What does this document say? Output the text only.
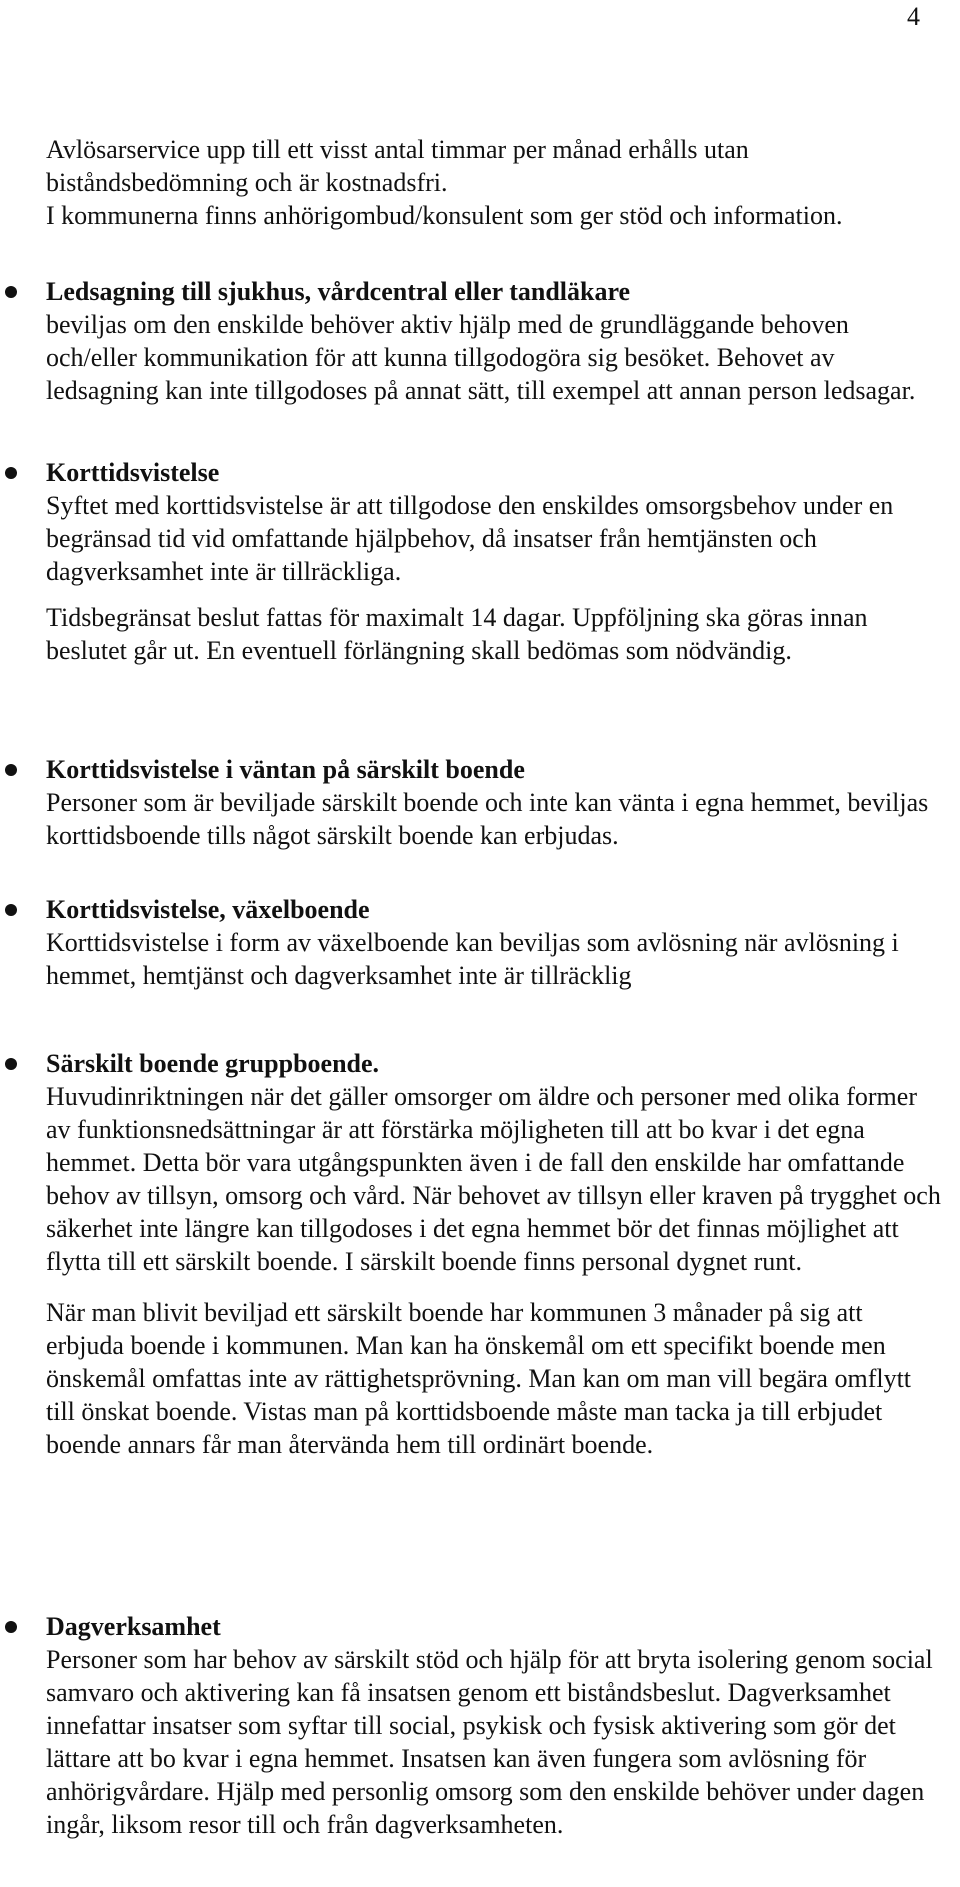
4

Avlösarservice upp till ett visst antal timmar per månad erhålls utan

biståndsbedömning och är kostnadsfri.

I kommunerna finns anhörigombud/konsulent som ger stöd och information.

Ledsagning till sjukhus, vårdcentral eller tandläkare

beviljas om den enskilde behöver aktiv hjälp med de grundläggande behoven och/eller kommunikation för att kunna tillgodogöra sig besöket. Behovet av ledsagning kan inte tillgodoses på annat sätt, till exempel att annan person ledsagar.

Korttidsvistelse

Syftet med korttidsvistelse är att tillgodose den enskildes omsorgsbehov under en begränsad tid vid omfattande hjälpbehov, då insatser från hemtjänsten och dagverksamhet inte är tillräckliga.

Tidsbegränsat beslut fattas för maximalt 14 dagar. Uppföljning ska göras innan beslutet går ut. En eventuell förlängning skall bedömas som nödvändig.

Korttidsvistelse i väntan på särskilt boende

Personer som är beviljade särskilt boende och inte kan vänta i egna hemmet, beviljas korttidsboende tills något särskilt boende kan erbjudas.

Korttidsvistelse, växelboende

Korttidsvistelse i form av växelboende kan beviljas som avlösning när avlösning i hemmet, hemtjänst och dagverksamhet inte är tillräcklig

Särskilt boende gruppboende.

Huvudinriktningen när det gäller omsorger om äldre och personer med olika former av funktionsnedsättningar är att förstärka möjligheten till att bo kvar i det egna hemmet. Detta bör vara utgångspunkten även i de fall den enskilde har omfattande behov av tillsyn, omsorg och vård. När behovet av tillsyn eller kraven på trygghet och säkerhet inte längre kan tillgodoses i det egna hemmet bör det finnas möjlighet att flytta till ett särskilt boende. I särskilt boende finns personal dygnet runt.

När man blivit beviljad ett särskilt boende har kommunen 3 månader på sig att erbjuda boende i kommunen. Man kan ha önskemål om ett specifikt boende men önskemål omfattas inte av rättighetsprövning. Man kan om man vill begära omflytt till önskat boende. Vistas man på korttidsboende måste man tacka ja till erbjudet boende annars får man återvända hem till ordinärt boende.

Dagverksamhet

Personer som har behov av särskilt stöd och hjälp för att bryta isolering genom social samvaro och aktivering kan få insatsen genom ett biståndsbeslut. Dagverksamhet innefattar insatser som syftar till social, psykisk och fysisk aktivering som gör det lättare att bo kvar i egna hemmet. Insatsen kan även fungera som avlösning för anhörigvårdare. Hjälp med personlig omsorg som den enskilde behöver under dagen ingår, liksom resor till och från dagverksamheten.
